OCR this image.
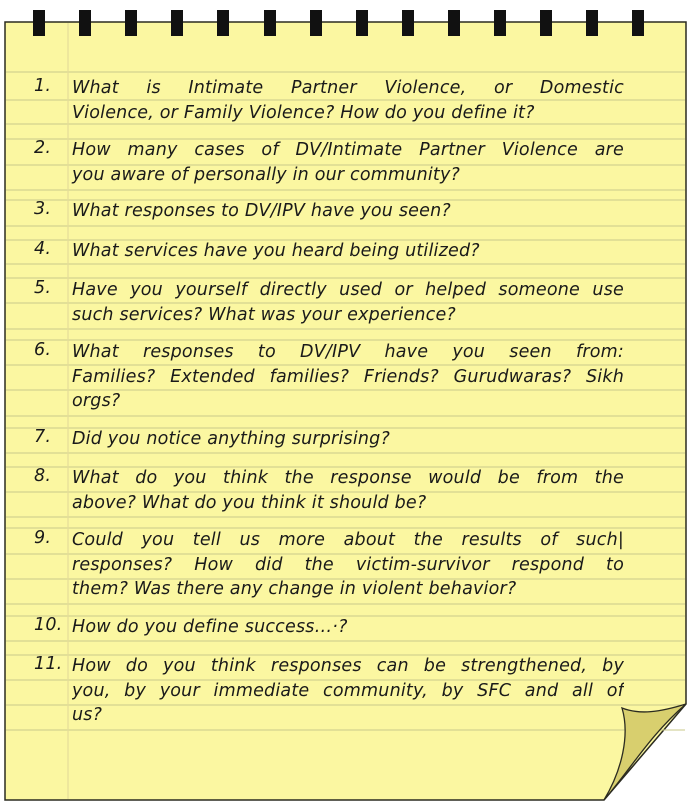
1.	What is Intimate Partner Violence, or Domestic
Violence, or Family Violence? How do you define it?
2.	How many cases of DV/Intimate Partner Violence are
you aware of personally in our community?
3.	What responses to DV/IPV have you seen?
4.	What services have you heard being utilized?
5.	Have you yourself directly used or helped someone use
such services? What was your experience?
6.	What responses to DV/IPV have you seen from:
Families? Extended families? Friends? Gurudwaras? Sikh
orgs?
7.	Did you notice anything surprising?
8.	What do you think the response would be from the
above? What do you think it should be?
9.	Could you tell us more about the results of such|
responses? How did the victim-survivor respond to
them? Was there any change in violent behavior?
10. How do you define success…·?
11. How do you think responses can be strengthened, by
you, by your immediate community, by SFC and all of
us?
